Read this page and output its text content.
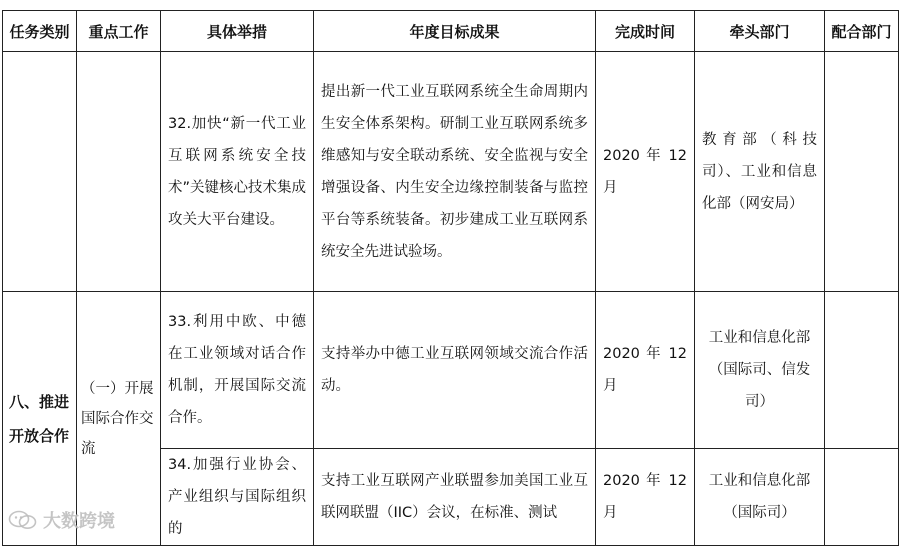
任务类别	重点工作	具体举措	年度目标成果	完成时间	牵头部门	配合部门

		32.加快“新一代工业互联网系统安全技术”关键核心技术集成攻关大平台建设。	提出新一代工业互联网系统全生命周期内生安全体系架构。研制工业互联网系统多维感知与安全联动系统、安全监视与安全增强设备、内生安全边缘控制装备与监控平台等系统装备。初步建成工业互联网系统安全先进试验场。	2020 年 12 月	教育部（科技司）、工业和信息化部（网安局）	

八、推进开放合作	（一）开展国际合作交流	33.利用中欧、中德在工业领域对话合作机制，开展国际交流合作。	支持举办中德工业互联网领域交流合作活动。	2020 年 12 月	工业和信息化部（国际司、信发司）	

		34.加强行业协会、产业组织与国际组织的	支持工业互联网产业联盟参加美国工业互联网联盟（IIC）会议，在标准、测试	2020 年 12 月	工业和信息化部（国际司）	

大数跨境
